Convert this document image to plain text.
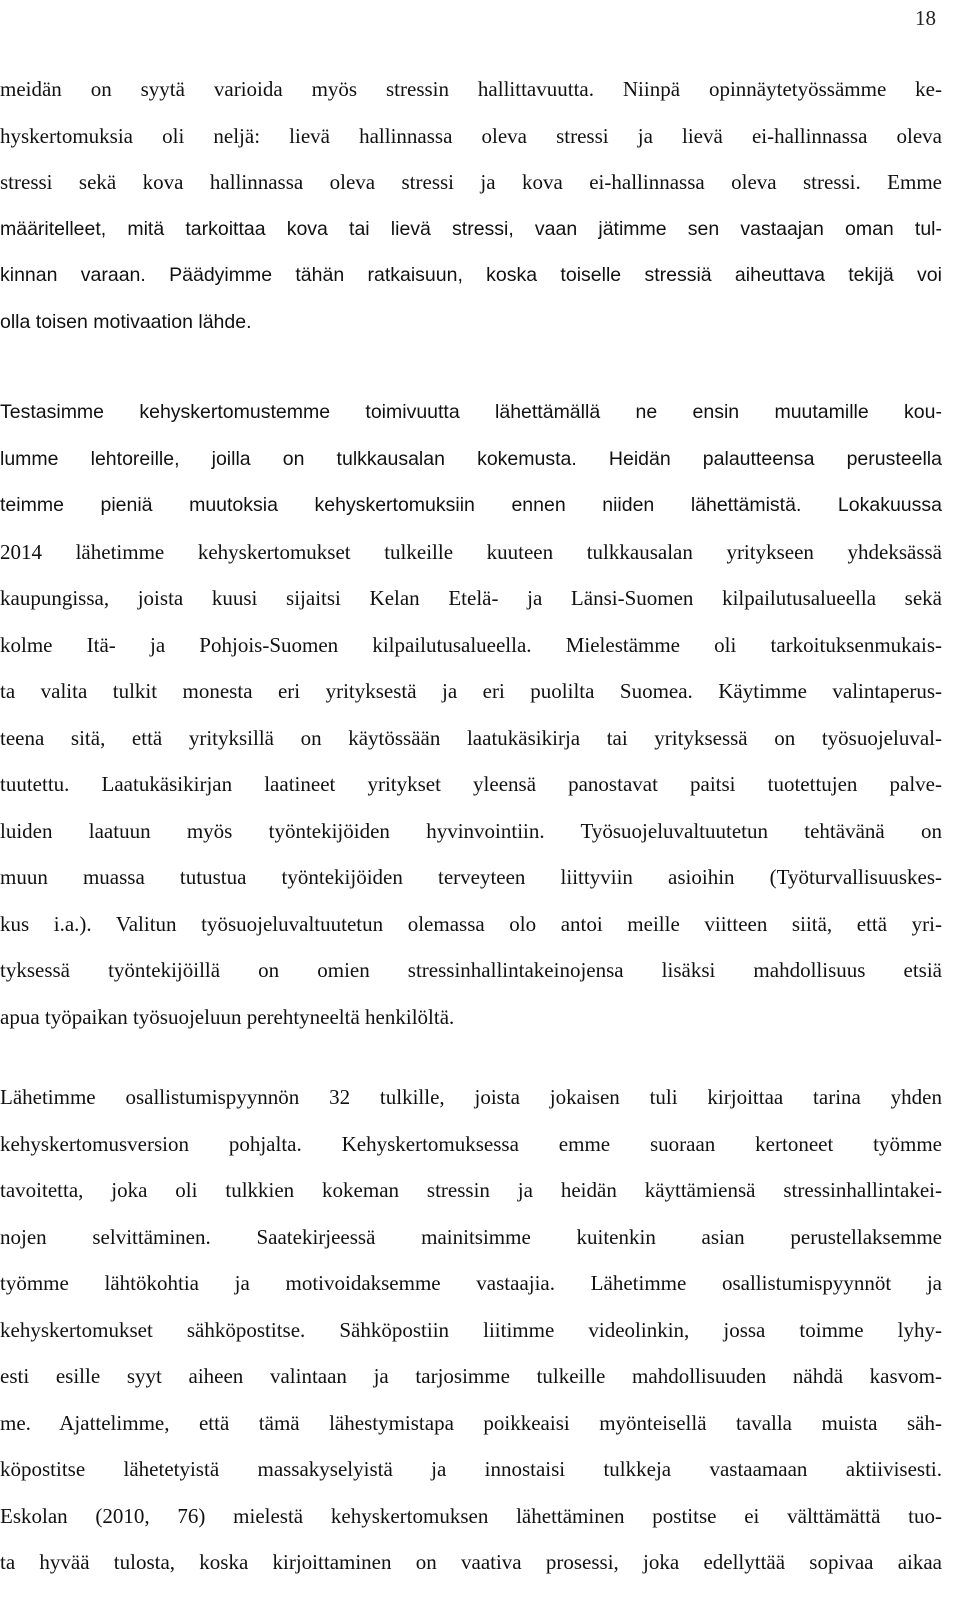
18
meidän on syytä varioida myös stressin hallittavuutta. Niinpä opinnäytetyössämme ke-
hyskertomuksia oli neljä: lievä hallinnassa oleva stressi ja lievä ei-hallinnassa oleva
stressi sekä kova hallinnassa oleva stressi ja kova ei-hallinnassa oleva stressi. Emme
määritelleet, mitä tarkoittaa kova tai lievä stressi, vaan jätimme sen vastaajan oman tul-
kinnan varaan. Päädyimme tähän ratkaisuun, koska toiselle stressiä aiheuttava tekijä voi
olla toisen motivaation lähde.
Testasimme kehyskertomustemme toimivuutta lähettämällä ne ensin muutamille kou-
lumme lehtoreille, joilla on tulkkausalan kokemusta. Heidän palautteensa perusteella
teimme pieniä muutoksia kehyskertomuksiin ennen niiden lähettämistä. Lokakuussa
2014 lähetimme kehyskertomukset tulkeille kuuteen tulkkausalan yritykseen yhdeksässä
kaupungissa, joista kuusi sijaitsi Kelan Etelä- ja Länsi-Suomen kilpailutusalueella sekä
kolme Itä- ja Pohjois-Suomen kilpailutusalueella. Mielestämme oli tarkoituksenmukais-
ta valita tulkit monesta eri yrityksestä ja eri puolilta Suomea. Käytimme valintaperus-
teena sitä, että yrityksillä on käytössään laatukäsikirja tai yrityksessä on työsuojeluval-
tuutettu. Laatukäsikirjan laatineet yritykset yleensä panostavat paitsi tuotettujen palve-
luiden laatuun myös työntekijöiden hyvinvointiin. Työsuojeluvaltuutetun tehtävänä on
muun muassa tutustua työntekijöiden terveyteen liittyviin asioihin (Työturvallisuuskes-
kus i.a.). Valitun työsuojeluvaltuutetun olemassa olo antoi meille viitteen siitä, että yri-
tyksessä työntekijöillä on omien stressinhallintakeinojensa lisäksi mahdollisuus etsiä
apua työpaikan työsuojeluun perehtyneeltä henkilöltä.
Lähetimme osallistumispyynnön 32 tulkille, joista jokaisen tuli kirjoittaa tarina yhden
kehyskertomusversion pohjalta. Kehyskertomuksessa emme suoraan kertoneet työmme
tavoitetta, joka oli tulkkien kokeman stressin ja heidän käyttämiensä stressinhallintakei-
nojen selvittäminen. Saatekirjeessä mainitsimme kuitenkin asian perustellaksemme
työmme lähtökohtia ja motivoidaksemme vastaajia. Lähetimme osallistumispyynnöt ja
kehyskertomukset sähköpostitse. Sähköpostiin liitimme videolinkin, jossa toimme lyhy-
esti esille syyt aiheen valintaan ja tarjosimme tulkeille mahdollisuuden nähdä kasvom-
me. Ajattelimme, että tämä lähestymistapa poikkeaisi myönteisellä tavalla muista säh-
köpostitse lähetetyistä massakyselyistä ja innostaisi tulkkeja vastaamaan aktiivisesti.
Eskolan (2010, 76) mielestä kehyskertomuksen lähettäminen postitse ei välttämättä tuo-
ta hyvää tulosta, koska kirjoittaminen on vaativa prosessi, joka edellyttää sopivaa aikaa
